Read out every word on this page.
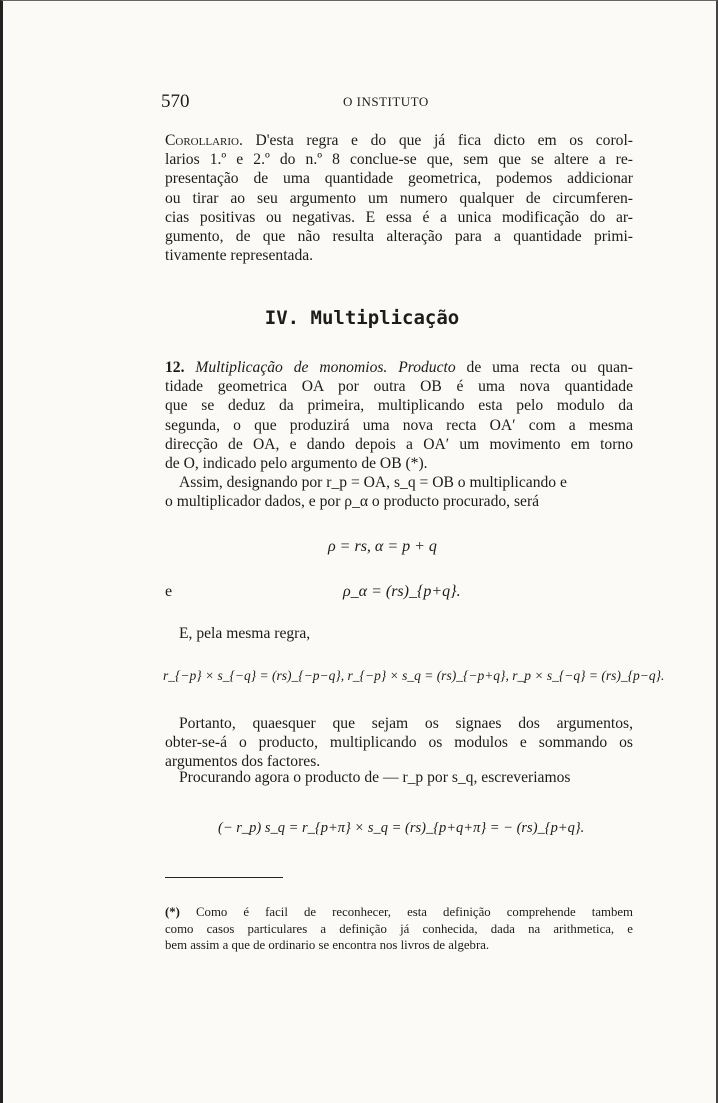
570	O INSTITUTO
Corollario. D'esta regra e do que já fica dicto em os corol-
larios 1.º e 2.º do n.º 8 conclue-se que, sem que se altere a re-
presentação de uma quantidade geometrica, podemos addicionar
ou tirar ao seu argumento um numero qualquer de circumferen-
cias positivas ou negativas. E essa é a unica modificação do ar-
gumento, de que não resulta alteração para a quantidade primi-
tivamente representada.
IV. Multiplicação
12. Multiplicação de monomios. Producto de uma recta ou quan-
tidade geometrica OA por outra OB é uma nova quantidade
que se deduz da primeira, multiplicando esta pelo modulo da
segunda, o que produzirá uma nova recta OA′ com a mesma
direcção de OA, e dando depois a OA′ um movimento em torno
de O, indicado pelo argumento de OB (*).
Assim, designando por r_p = OA, s_q = OB o multiplicando e
o multiplicador dados, e por ρ_α o producto procurado, será
ρ = rs, α = p + q
e	ρ_α = (rs)_{p+q}.
E, pela mesma regra,
r_{−p} × s_{−q} = (rs)_{−p−q}, r_{−p} × s_q = (rs)_{−p+q}, r_p × s_{−q} = (rs)_{p−q}.
Portanto, quaesquer que sejam os signaes dos argumentos,
obter-se-á o producto, multiplicando os modulos e sommando os
argumentos dos factores.
Procurando agora o producto de — r_p por s_q, escreveriamos
(− r_p) s_q = r_{p+π} × s_q = (rs)_{p+q+π} = − (rs)_{p+q}.
(*) Como é facil de reconhecer, esta definição comprehende tambem
como casos particulares a definição já conhecida, dada na arithmetica, e
bem assim a que de ordinario se encontra nos livros de algebra.
